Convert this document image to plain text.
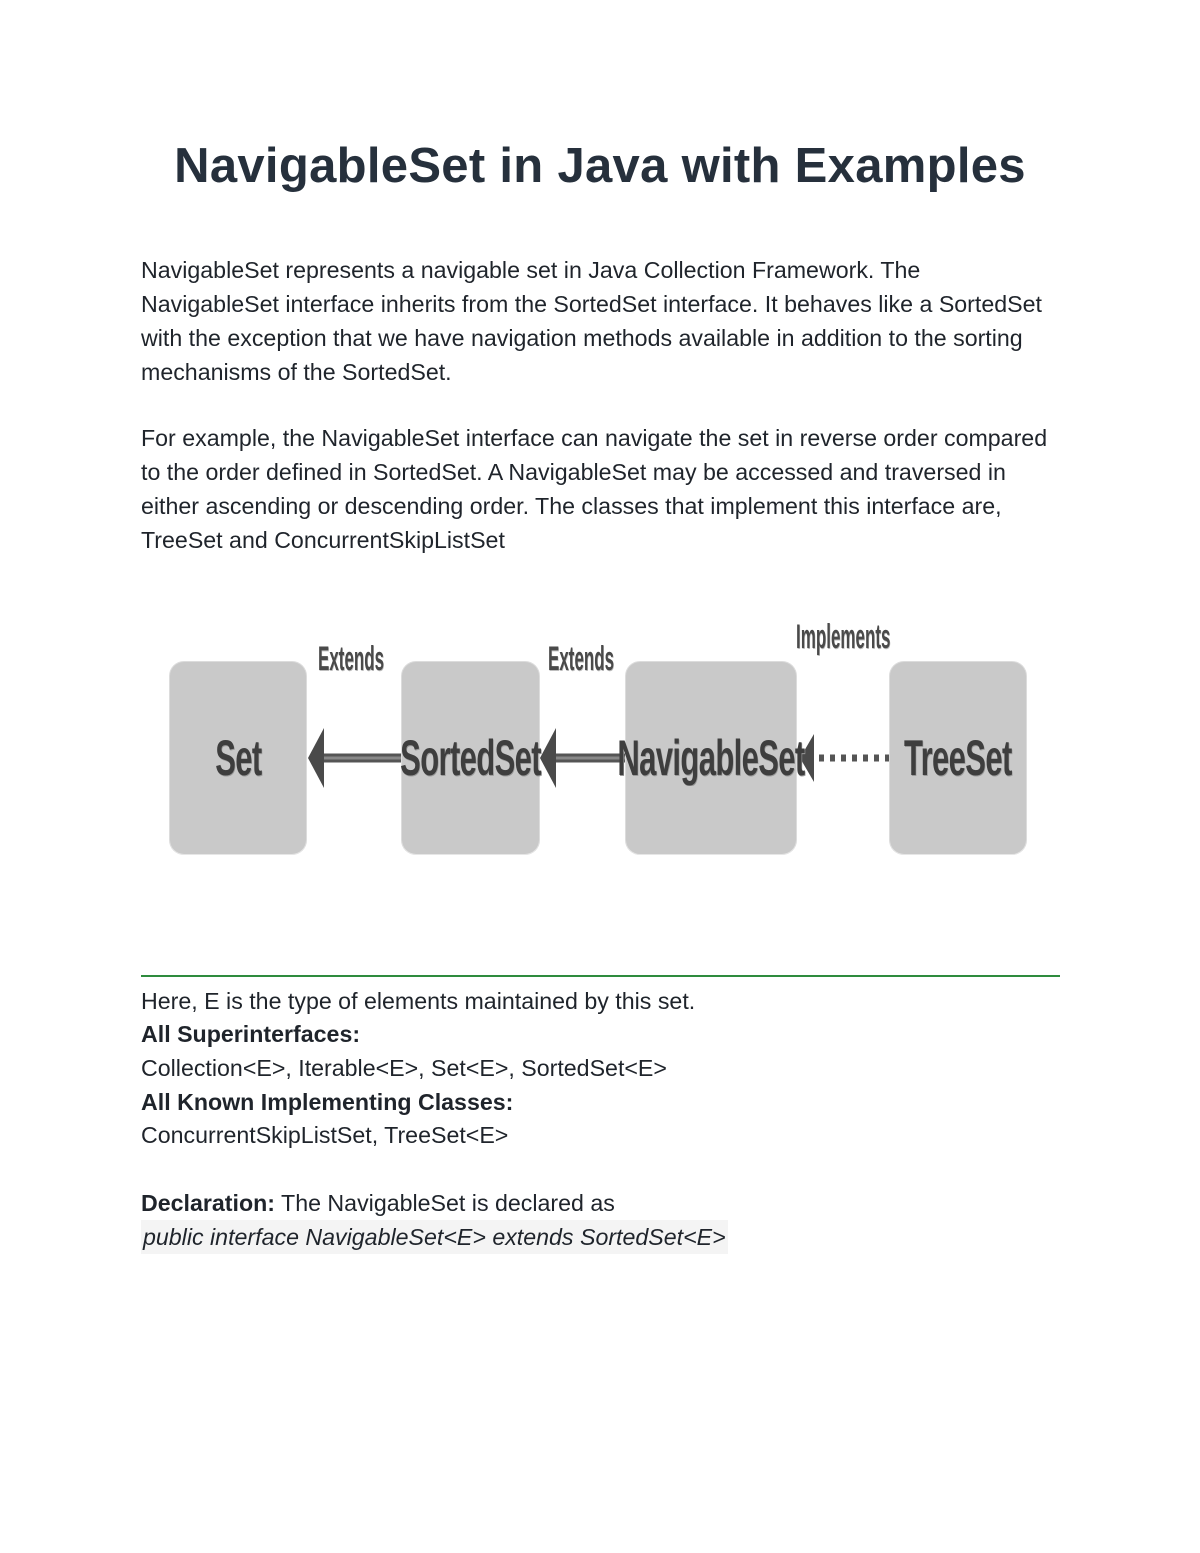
NavigableSet in Java with Examples

NavigableSet represents a navigable set in Java Collection Framework. The NavigableSet interface inherits from the SortedSet interface. It behaves like a SortedSet with the exception that we have navigation methods available in addition to the sorting mechanisms of the SortedSet.

For example, the NavigableSet interface can navigate the set in reverse order compared to the order defined in SortedSet. A NavigableSet may be accessed and traversed in either ascending or descending order. The classes that implement this interface are, TreeSet and ConcurrentSkipListSet

Set	SortedSet NavigableSet TreeSet
Extends	Extends
Implements

Here, E is the type of elements maintained by this set.

All Superinterfaces:

Collection<E>, Iterable<E>, Set<E>, SortedSet<E>

All Known Implementing Classes:

ConcurrentSkipListSet, TreeSet<E>

Declaration: The NavigableSet is declared as

public interface NavigableSet<E> extends SortedSet<E>
